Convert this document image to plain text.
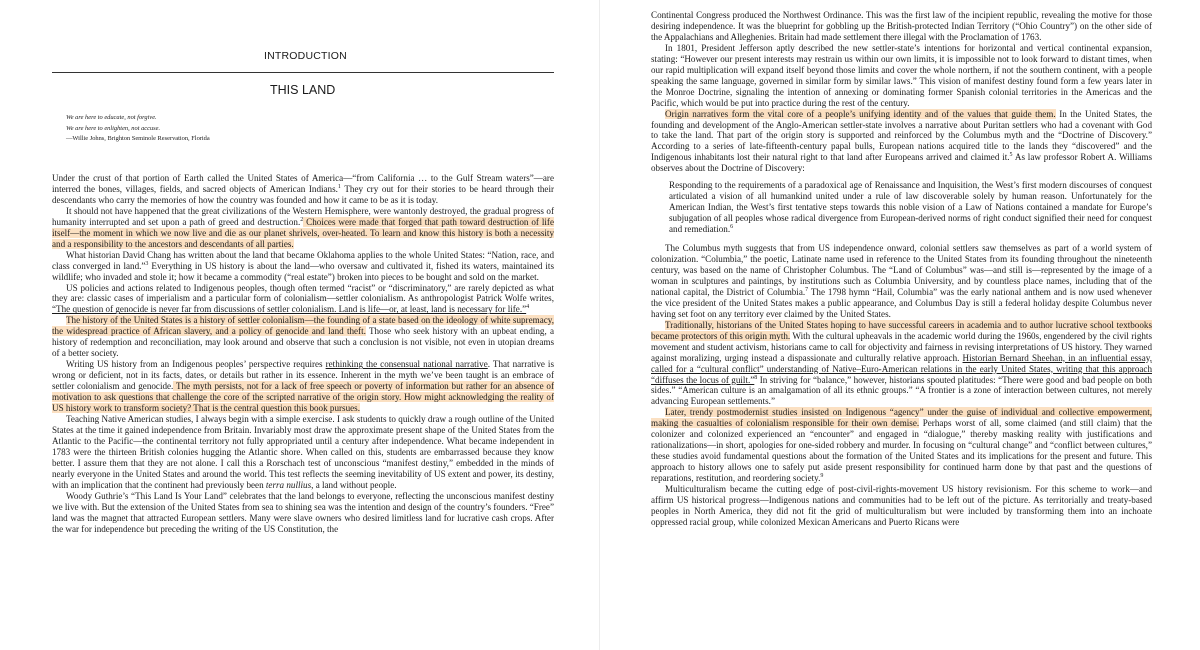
INTRODUCTION
THIS LAND
We are here to educate, not forgive.
We are here to enlighten, not accuse.
—Willie Johns, Brighton Seminole Reservation, Florida

Under the crust of that portion of Earth called the United States of America—“from California … to the Gulf Stream waters”—are interred the bones, villages, fields, and sacred objects of American Indians.$^1$ They cry out for their stories to be heard through their descendants who carry the memories of how the country was founded and how it came to be as it is today.

It should not have happened that the great civilizations of the Western Hemisphere, were wantonly destroyed, the gradual progress of humanity interrupted and set upon a path of greed and destruction.$^2$ Choices were made that forged that path toward destruction of life itself—the moment in which we now live and die as our planet shrivels, over-heated. To learn and know this history is both a necessity and a responsibility to the ancestors and descendants of all parties.

What historian David Chang has written about the land that became Oklahoma applies to the whole United States: “Nation, race, and class converged in land.”$^3$ Everything in US history is about the land—who oversaw and cultivated it, fished its waters, maintained its wildlife; who invaded and stole it; how it became a commodity (“real estate”) broken into pieces to be bought and sold on the market.

US policies and actions related to Indigenous peoples, though often termed “racist” or “discriminatory,” are rarely depicted as what they are: classic cases of imperialism and a particular form of colonialism—settler colonialism. As anthropologist Patrick Wolfe writes, “The question of genocide is never far from discussions of settler colonialism. Land is life—or, at least, land is necessary for life.”$^4$

The history of the United States is a history of settler colonialism—the founding of a state based on the ideology of white supremacy, the widespread practice of African slavery, and a policy of genocide and land theft. Those who seek history with an upbeat ending, a history of redemption and reconciliation, may look around and observe that such a conclusion is not visible, not even in utopian dreams of a better society.

Writing US history from an Indigenous peoples’ perspective requires rethinking the consensual national narrative. That narrative is wrong or deficient, not in its facts, dates, or details but rather in its essence. Inherent in the myth we’ve been taught is an embrace of settler colonialism and genocide. The myth persists, not for a lack of free speech or poverty of information but rather for an absence of motivation to ask questions that challenge the core of the scripted narrative of the origin story. How might acknowledging the reality of US history work to transform society? That is the central question this book pursues.

Teaching Native American studies, I always begin with a simple exercise. I ask students to quickly draw a rough outline of the United States at the time it gained independence from Britain. Invariably most draw the approximate present shape of the United States from the Atlantic to the Pacific—the continental territory not fully appropriated until a century after independence. What became independent in 1783 were the thirteen British colonies hugging the Atlantic shore. When called on this, students are embarrassed because they know better. I assure them that they are not alone. I call this a Rorschach test of unconscious “manifest destiny,” embedded in the minds of nearly everyone in the United States and around the world. This test reflects the seeming inevitability of US extent and power, its destiny, with an implication that the continent had previously been terra nullius, a land without people.

Woody Guthrie’s “This Land Is Your Land” celebrates that the land belongs to everyone, reflecting the unconscious manifest destiny we live with. But the extension of the United States from sea to shining sea was the intention and design of the country’s founders. “Free” land was the magnet that attracted European settlers. Many were slave owners who desired limitless land for lucrative cash crops. After the war for independence but preceding the writing of the US Constitution, the

Continental Congress produced the Northwest Ordinance. This was the first law of the incipient republic, revealing the motive for those desiring independence. It was the blueprint for gobbling up the British-protected Indian Territory (“Ohio Country”) on the other side of the Appalachians and Alleghenies. Britain had made settlement there illegal with the Proclamation of 1763.

In 1801, President Jefferson aptly described the new settler-state’s intentions for horizontal and vertical continental expansion, stating: “However our present interests may restrain us within our own limits, it is impossible not to look forward to distant times, when our rapid multiplication will expand itself beyond those limits and cover the whole northern, if not the southern continent, with a people speaking the same language, governed in similar form by similar laws.” This vision of manifest destiny found form a few years later in the Monroe Doctrine, signaling the intention of annexing or dominating former Spanish colonial territories in the Americas and the Pacific, which would be put into practice during the rest of the century.

Origin narratives form the vital core of a people’s unifying identity and of the values that guide them. In the United States, the founding and development of the Anglo-American settler-state involves a narrative about Puritan settlers who had a covenant with God to take the land. That part of the origin story is supported and reinforced by the Columbus myth and the “Doctrine of Discovery.” According to a series of late-fifteenth-century papal bulls, European nations acquired title to the lands they “discovered” and the Indigenous inhabitants lost their natural right to that land after Europeans arrived and claimed it.$^5$ As law professor Robert A. Williams observes about the Doctrine of Discovery:

Responding to the requirements of a paradoxical age of Renaissance and Inquisition, the West’s first modern discourses of conquest articulated a vision of all humankind united under a rule of law discoverable solely by human reason. Unfortunately for the American Indian, the West’s first tentative steps towards this noble vision of a Law of Nations contained a mandate for Europe’s subjugation of all peoples whose radical divergence from European-derived norms of right conduct signified their need for conquest and remediation.$^6$

The Columbus myth suggests that from US independence onward, colonial settlers saw themselves as part of a world system of colonization. “Columbia,” the poetic, Latinate name used in reference to the United States from its founding throughout the nineteenth century, was based on the name of Christopher Columbus. The “Land of Columbus” was—and still is—represented by the image of a woman in sculptures and paintings, by institutions such as Columbia University, and by countless place names, including that of the national capital, the District of Columbia.$^7$ The 1798 hymn “Hail, Columbia” was the early national anthem and is now used whenever the vice president of the United States makes a public appearance, and Columbus Day is still a federal holiday despite Columbus never having set foot on any territory ever claimed by the United States.

Traditionally, historians of the United States hoping to have successful careers in academia and to author lucrative school textbooks became protectors of this origin myth. With the cultural upheavals in the academic world during the 1960s, engendered by the civil rights movement and student activism, historians came to call for objectivity and fairness in revising interpretations of US history. They warned against moralizing, urging instead a dispassionate and culturally relative approach. Historian Bernard Sheehan, in an influential essay, called for a “cultural conflict” understanding of Native–Euro-American relations in the early United States, writing that this approach “diffuses the locus of guilt.”$^8$ In striving for “balance,” however, historians spouted platitudes: “There were good and bad people on both sides.” “American culture is an amalgamation of all its ethnic groups.” “A frontier is a zone of interaction between cultures, not merely advancing European settlements.”

Later, trendy postmodernist studies insisted on Indigenous “agency” under the guise of individual and collective empowerment, making the casualties of colonialism responsible for their own demise. Perhaps worst of all, some claimed (and still claim) that the colonizer and colonized experienced an “encounter” and engaged in “dialogue,” thereby masking reality with justifications and rationalizations—in short, apologies for one-sided robbery and murder. In focusing on “cultural change” and “conflict between cultures,” these studies avoid fundamental questions about the formation of the United States and its implications for the present and future. This approach to history allows one to safely put aside present responsibility for continued harm done by that past and the questions of reparations, restitution, and reordering society.$^9$

Multiculturalism became the cutting edge of post-civil-rights-movement US history revisionism. For this scheme to work—and affirm US historical progress—Indigenous nations and communities had to be left out of the picture. As territorially and treaty-based peoples in North America, they did not fit the grid of multiculturalism but were included by transforming them into an inchoate oppressed racial group, while colonized Mexican Americans and Puerto Ricans were
